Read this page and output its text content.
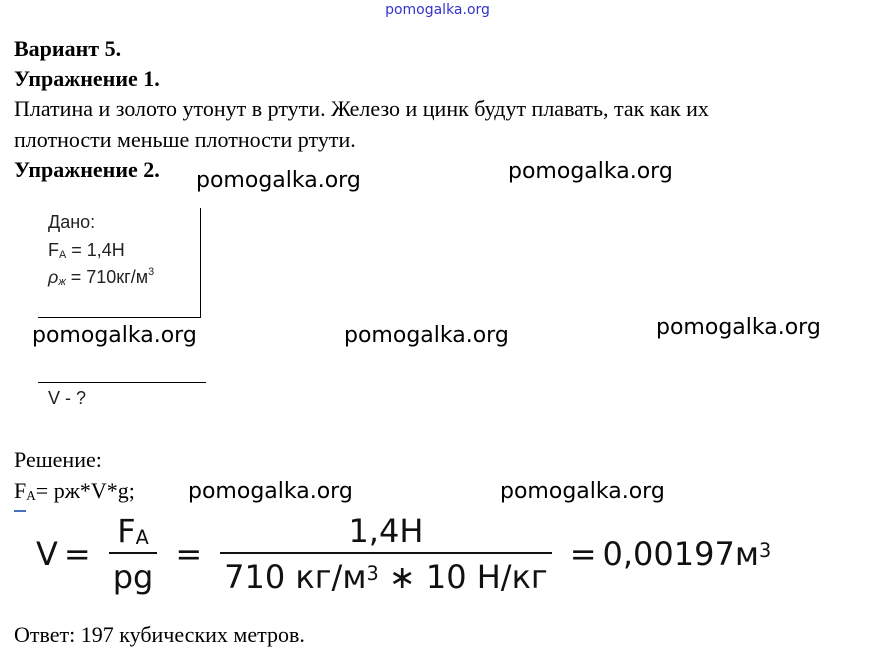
pomogalka.org
Вариант 5.
Упражнение 1.
Платина и золото утонут в ртути. Железо и цинк будут плавать, так как их
плотности меньше плотности ртути.
Упражнение 2.
Дано:
FA = 1,4Н
$\rho ж = 710кг/м^3$
V - ?
Решение:
FA= pж*V*g;
$V = \frac{FA}{pg} = \frac{1,4Н}{710 кг/м^3 ∗ 10 Н/кг} = 0,00197м^3$
Ответ: 197 кубических метров.
pomogalka.org	pomogalka.org
pomogalka.org	pomogalka.org	pomogalka.org
pomogalka.org	pomogalka.org
